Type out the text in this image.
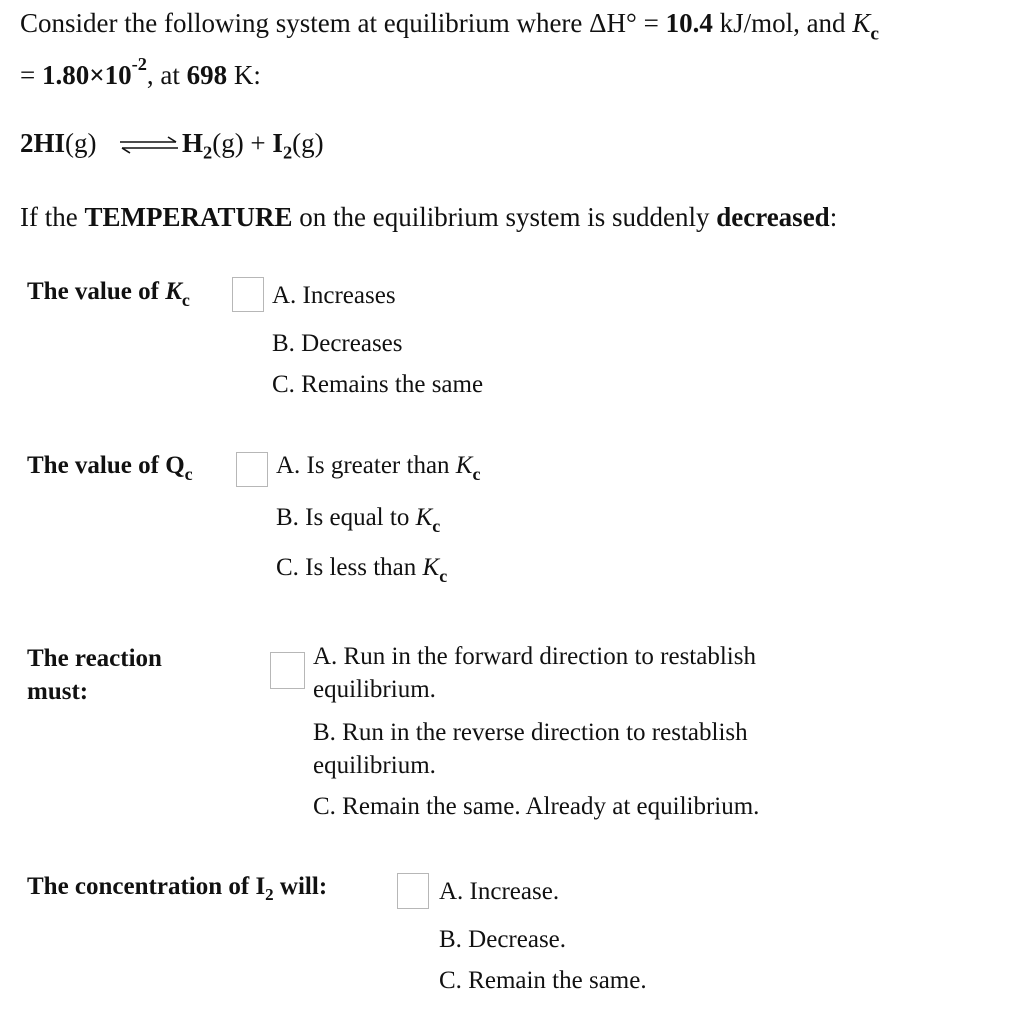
Consider the following system at equilibrium where ΔH° = 10.4 kJ/mol, and $K_c$
= $1.80\times 10^{-2}$, at 698 K:
2HI(g) ⇌ $H_2(g) + I_2(g)$
If the TEMPERATURE on the equilibrium system is suddenly decreased:
The value of $K_c$	A. Increases
B. Decreases
C. Remains the same
The value of $Q_c$	A. Is greater than $K_c$
B. Is equal to $K_c$
C. Is less than $K_c$
The reaction
must:
A. Run in the forward direction to restablish equilibrium.
B. Run in the reverse direction to restablish equilibrium.
C. Remain the same. Already at equilibrium.
The concentration of $I_2$ will:	A. Increase.
B. Decrease.
C. Remain the same.
